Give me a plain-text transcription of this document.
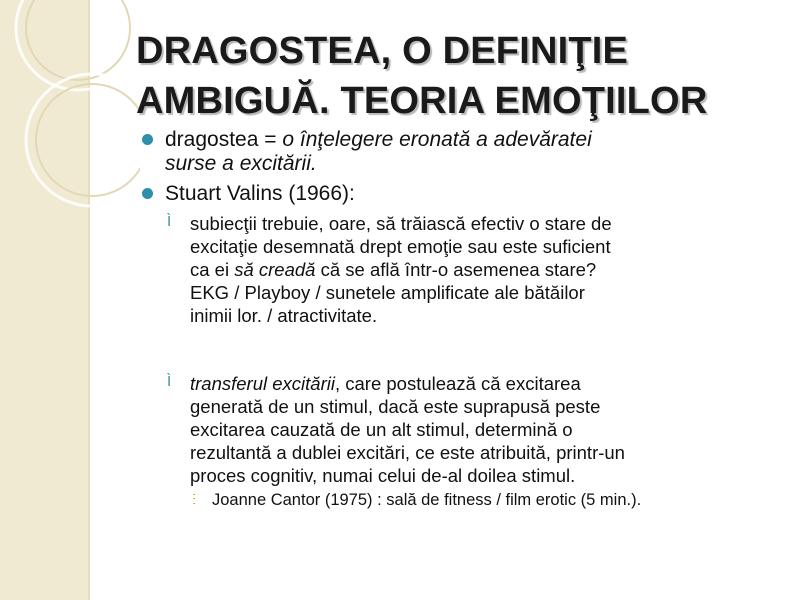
DRAGOSTEA, O DEFINIŢIE
AMBIGUĂ. TEORIA EMOŢIILOR
dragostea = o înţelegere eronată a adevăratei
surse a excitării.
Stuart Valins (1966):
Ì subiecţii trebuie, oare, să trăiască efectiv o stare de
excitaţie desemnată drept emoţie sau este suficient
ca ei să creadă că se află într-o asemenea stare?
EKG / Playboy / sunetele amplificate ale bătăilor
inimii lor. / atractivitate.
Ì transferul excitării, care postulează că excitarea
generată de un stimul, dacă este suprapusă peste
excitarea cauzată de un alt stimul, determină o
rezultantă a dublei excitări, ce este atribuită, printr-un
proces cognitiv, numai celui de-al doilea stimul.
ⵗ Joanne Cantor (1975) : sală de fitness / film erotic (5 min.).
